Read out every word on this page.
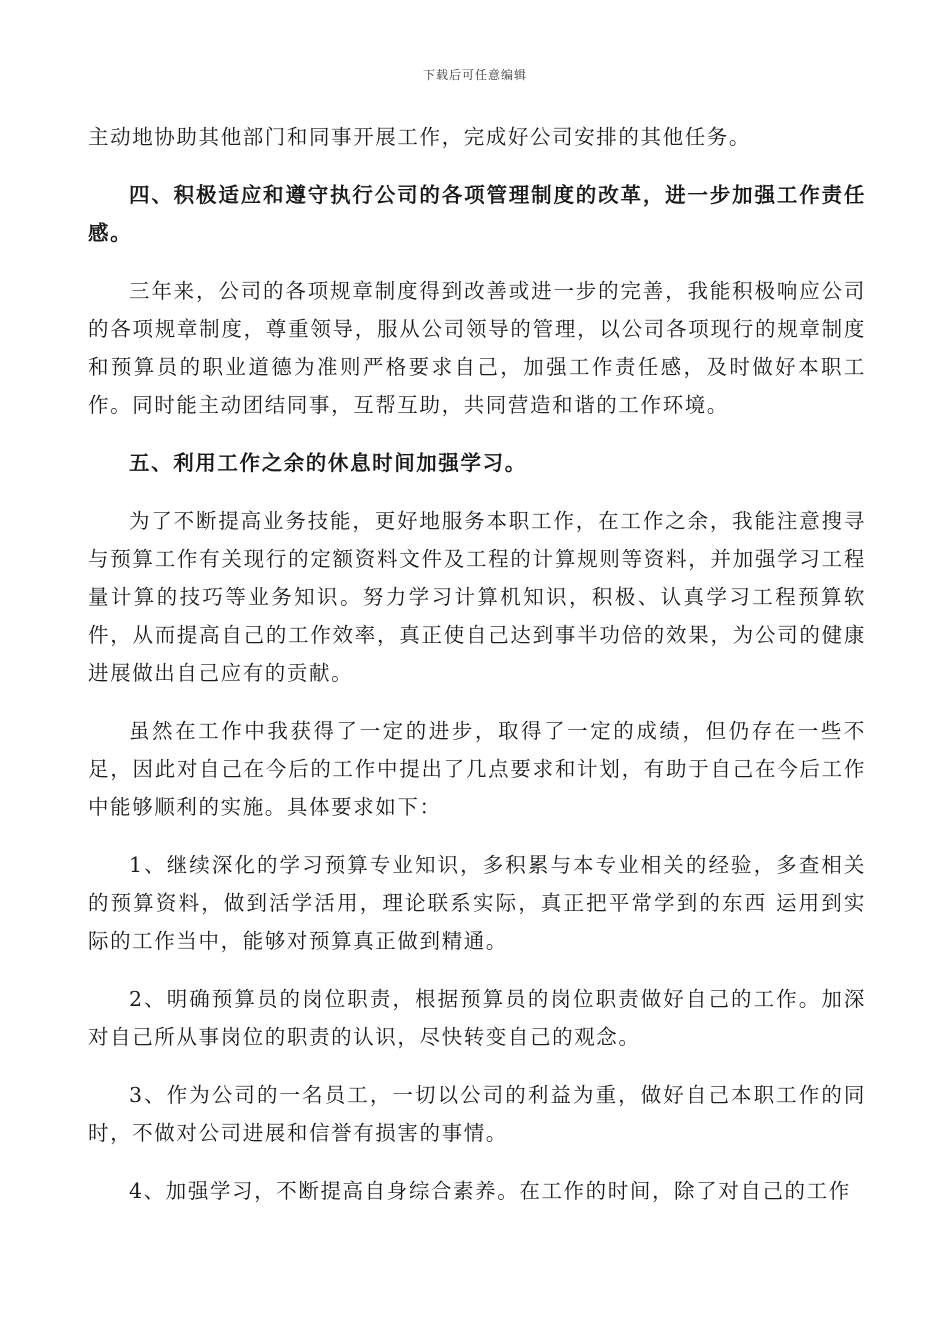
下载后可任意编辑

主动地协助其他部门和同事开展工作，完成好公司安排的其他任务。

四、积极适应和遵守执行公司的各项管理制度的改革，进一步加强工作责任感。

三年来，公司的各项规章制度得到改善或进一步的完善，我能积极响应公司的各项规章制度，尊重领导，服从公司领导的管理，以公司各项现行的规章制度和预算员的职业道德为准则严格要求自己，加强工作责任感，及时做好本职工作。同时能主动团结同事，互帮互助，共同营造和谐的工作环境。

五、利用工作之余的休息时间加强学习。

为了不断提高业务技能，更好地服务本职工作，在工作之余，我能注意搜寻与预算工作有关现行的定额资料文件及工程的计算规则等资料，并加强学习工程量计算的技巧等业务知识。努力学习计算机知识，积极、认真学习工程预算软件，从而提高自己的工作效率，真正使自己达到事半功倍的效果，为公司的健康进展做出自己应有的贡献。

虽然在工作中我获得了一定的进步，取得了一定的成绩，但仍存在一些不足，因此对自己在今后的工作中提出了几点要求和计划，有助于自己在今后工作中能够顺利的实施。具体要求如下：

1、继续深化的学习预算专业知识，多积累与本专业相关的经验，多查相关的预算资料，做到活学活用，理论联系实际，真正把平常学到的东西 运用到实际的工作当中，能够对预算真正做到精通。

2、明确预算员的岗位职责，根据预算员的岗位职责做好自己的工作。加深对自己所从事岗位的职责的认识，尽快转变自己的观念。

3、作为公司的一名员工，一切以公司的利益为重，做好自己本职工作的同时，不做对公司进展和信誉有损害的事情。

4、加强学习，不断提高自身综合素养。在工作的时间，除了对自己的工作
